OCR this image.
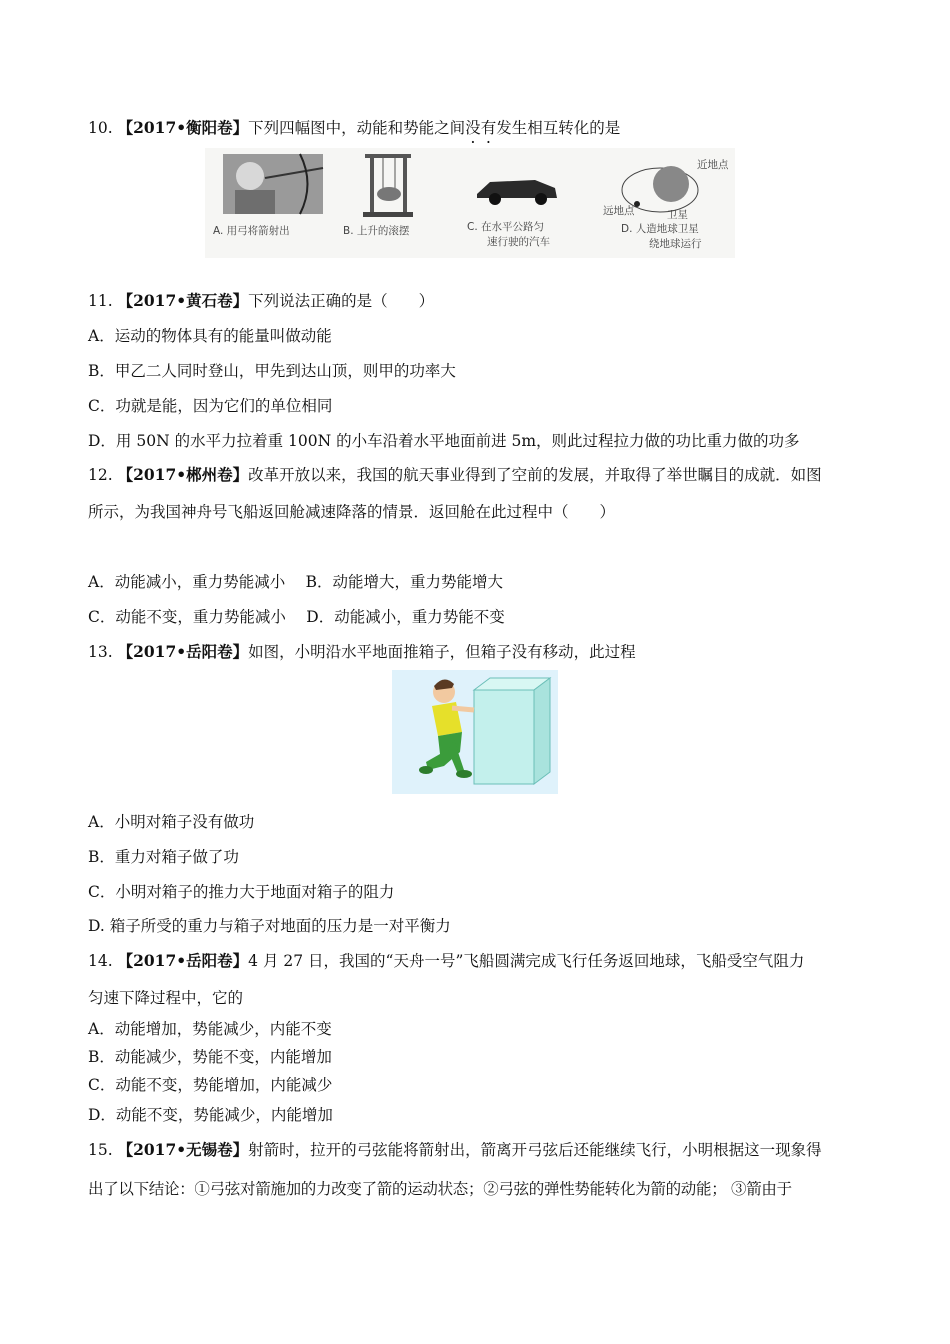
10. 【2017•衡阳卷】下列四幅图中，动能和势能之间没有发生相互转化的是
A. 用弓将箭射出	B. 上升的滚摆	C. 在水平公路匀
速行驶的汽车
D. 人造地球卫星
绕地球运行
近地点
远地点	卫星
11. 【2017•黄石卷】下列说法正确的是（　　）
A．运动的物体具有的能量叫做动能
B．甲乙二人同时登山，甲先到达山顶，则甲的功率大
C．功就是能，因为它们的单位相同
D．用 50N 的水平力拉着重 100N 的小车沿着水平地面前进 5m，则此过程拉力做的功比重力做的功多
12. 【2017•郴州卷】改革开放以来，我国的航天事业得到了空前的发展，并取得了举世瞩目的成就．如图
所示，为我国神舟号飞船返回舱减速降落的情景．返回舱在此过程中（　　）
A．动能减小，重力势能减小　 B．动能增大，重力势能增大
C．动能不变，重力势能减小　 D．动能减小，重力势能不变
13. 【2017•岳阳卷】如图，小明沿水平地面推箱子，但箱子没有移动，此过程
A．小明对箱子没有做功
B．重力对箱子做了功
C．小明对箱子的推力大于地面对箱子的阻力
D. 箱子所受的重力与箱子对地面的压力是一对平衡力
14. 【2017•岳阳卷】4 月 27 日，我国的“天舟一号”飞船圆满完成飞行任务返回地球，飞船受空气阻力
匀速下降过程中，它的
A．动能增加，势能减少，内能不变
B．动能减少，势能不变，内能增加
C．动能不变，势能增加，内能减少
D．动能不变，势能减少，内能增加
15. 【2017•无锡卷】射箭时，拉开的弓弦能将箭射出，箭离开弓弦后还能继续飞行，小明根据这一现象得
出了以下结论：①弓弦对箭施加的力改变了箭的运动状态；②弓弦的弹性势能转化为箭的动能； ③箭由于
